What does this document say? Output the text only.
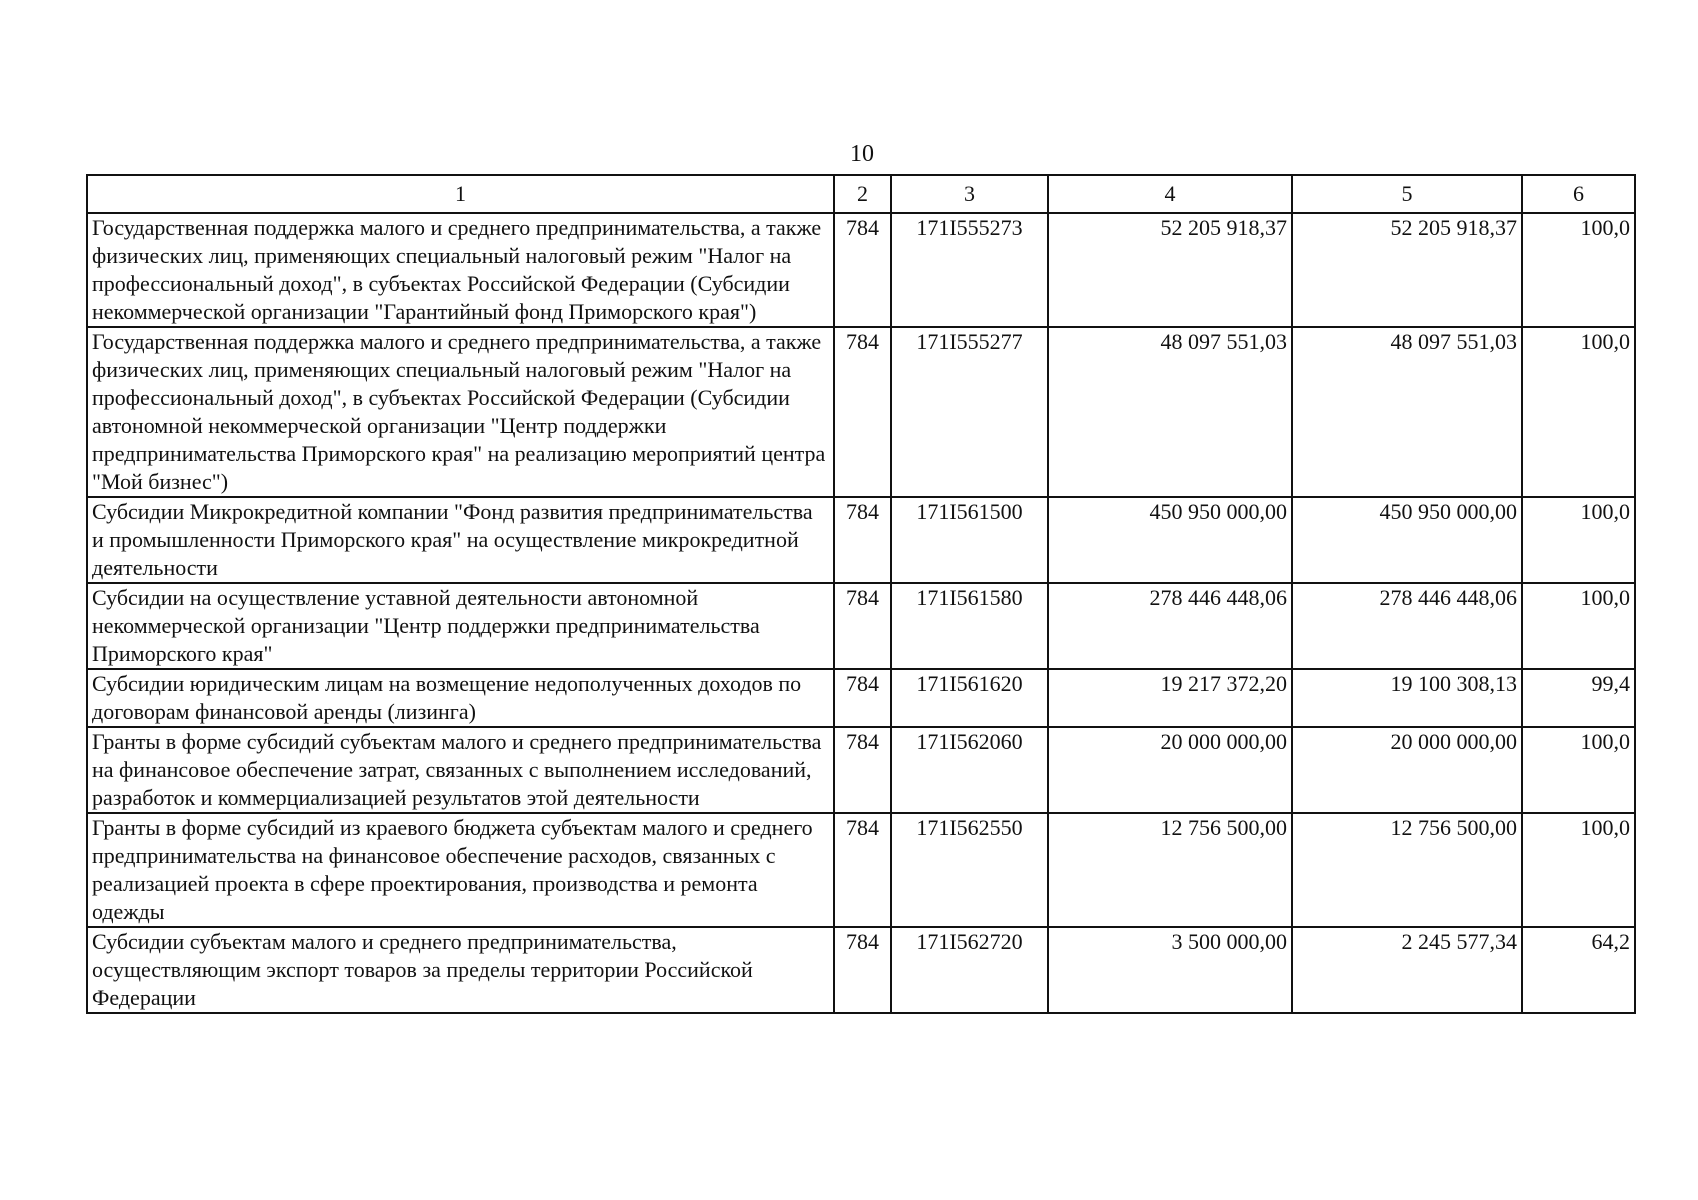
10
1	2	3	4	5	6
Государственная поддержка малого и среднего предпринимательства, а также физических лиц, применяющих специальный налоговый режим "Налог на профессиональный доход", в субъектах Российской Федерации (Субсидии некоммерческой организации "Гарантийный фонд Приморского края")	784	171I555273	52 205 918,37	52 205 918,37	100,0
Государственная поддержка малого и среднего предпринимательства, а также физических лиц, применяющих специальный налоговый режим "Налог на профессиональный доход", в субъектах Российской Федерации (Субсидии автономной некоммерческой организации "Центр поддержки предпринимательства Приморского края" на реализацию мероприятий центра "Мой бизнес")	784	171I555277	48 097 551,03	48 097 551,03	100,0
Субсидии Микрокредитной компании "Фонд развития предпринимательства и промышленности Приморского края" на осуществление микрокредитной деятельности	784	171I561500	450 950 000,00	450 950 000,00	100,0
Субсидии на осуществление уставной деятельности автономной некоммерческой организации "Центр поддержки предпринимательства Приморского края"	784	171I561580	278 446 448,06	278 446 448,06	100,0
Субсидии юридическим лицам на возмещение недополученных доходов по договорам финансовой аренды (лизинга)	784	171I561620	19 217 372,20	19 100 308,13	99,4
Гранты в форме субсидий субъектам малого и среднего предпринимательства на финансовое обеспечение затрат, связанных с выполнением исследований, разработок и коммерциализацией результатов этой деятельности	784	171I562060	20 000 000,00	20 000 000,00	100,0
Гранты в форме субсидий из краевого бюджета субъектам малого и среднего предпринимательства на финансовое обеспечение расходов, связанных с реализацией проекта в сфере проектирования, производства и ремонта одежды	784	171I562550	12 756 500,00	12 756 500,00	100,0
Субсидии субъектам малого и среднего предпринимательства, осуществляющим экспорт товаров за пределы территории Российской Федерации	784	171I562720	3 500 000,00	2 245 577,34	64,2
